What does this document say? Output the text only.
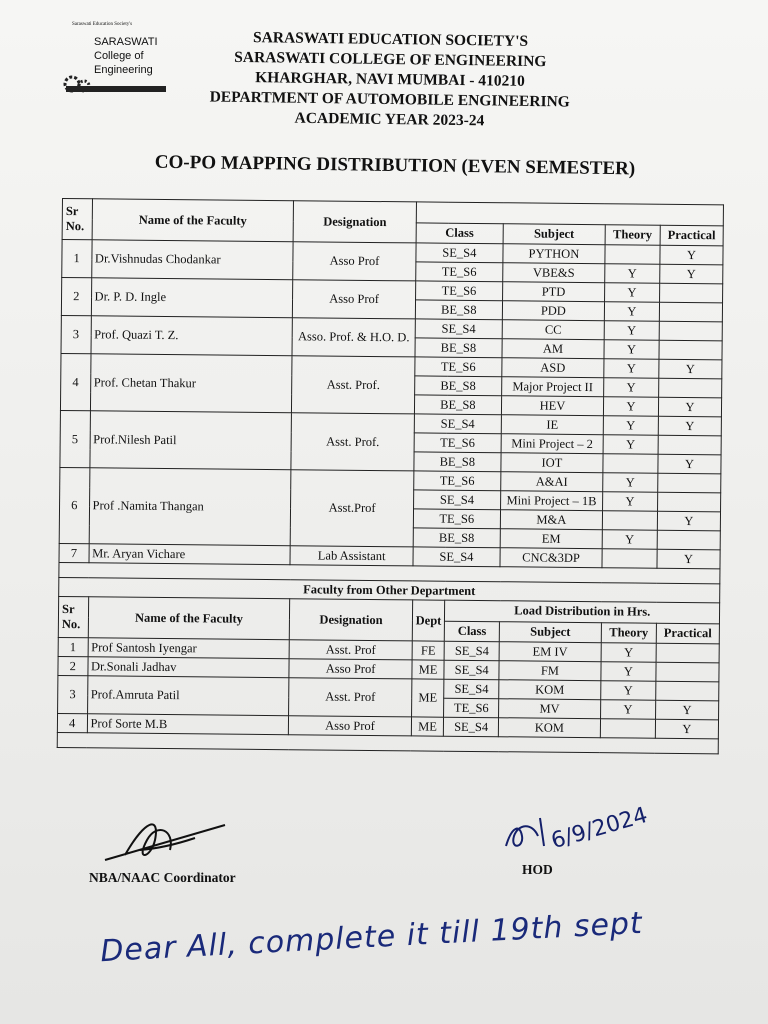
Saraswati Education Society's
SARASWATI
College of
Engineering
SARASWATI EDUCATION SOCIETY'S
SARASWATI COLLEGE OF ENGINEERING
KHARGHAR, NAVI MUMBAI - 410210
DEPARTMENT OF AUTOMOBILE ENGINEERING
ACADEMIC YEAR 2023-24
CO-PO MAPPING DISTRIBUTION (EVEN SEMESTER)
Sr No.	Name of the Faculty	Designation					
			Class		Subject	Theory	Practical
1	Dr.Vishnudas Chodankar	Asso Prof	SE_S4		PYTHON		Y
			TE_S6		VBE&S	Y	Y
2	Dr. P. D. Ingle	Asso Prof	TE_S6		PTD	Y	
			BE_S8		PDD	Y	
3	Prof. Quazi T. Z.	Asso. Prof. & H.O. D.	SE_S4		CC	Y	
			BE_S8		AM	Y	
4	Prof. Chetan Thakur	Asst. Prof.	TE_S6		ASD	Y	Y
			BE_S8		Major Project II	Y	
			BE_S8		HEV	Y	Y
5	Prof.Nilesh Patil	Asst. Prof.	SE_S4		IE	Y	Y
			TE_S6		Mini Project – 2	Y	
			BE_S8		IOT		Y
6	Prof .Namita Thangan	Asst.Prof	TE_S6		A&AI	Y	
			SE_S4		Mini Project – 1B	Y	
			TE_S6		M&A		Y
			BE_S8		EM	Y	
7	Mr. Aryan Vichare	Lab Assistant	SE_S4		CNC&3DP		Y

Faculty from Other Department							
Sr No.	Name of the Faculty	Designation	Dept	Load Distribution in Hrs.			
				Class	Subject	Theory	Practical
1	Prof Santosh Iyengar	Asst. Prof	FE	SE_S4	EM IV	Y	
2	Dr.Sonali Jadhav	Asso Prof	ME	SE_S4	FM	Y	
3	Prof.Amruta Patil	Asst. Prof	ME	SE_S4	KOM	Y	
				TE_S6	MV	Y	Y
4	Prof Sorte M.B	Asso Prof	ME	SE_S4	KOM		Y

NBA/NAAC Coordinator
6/9/2024
HOD
Dear All, complete it till 19th sept
